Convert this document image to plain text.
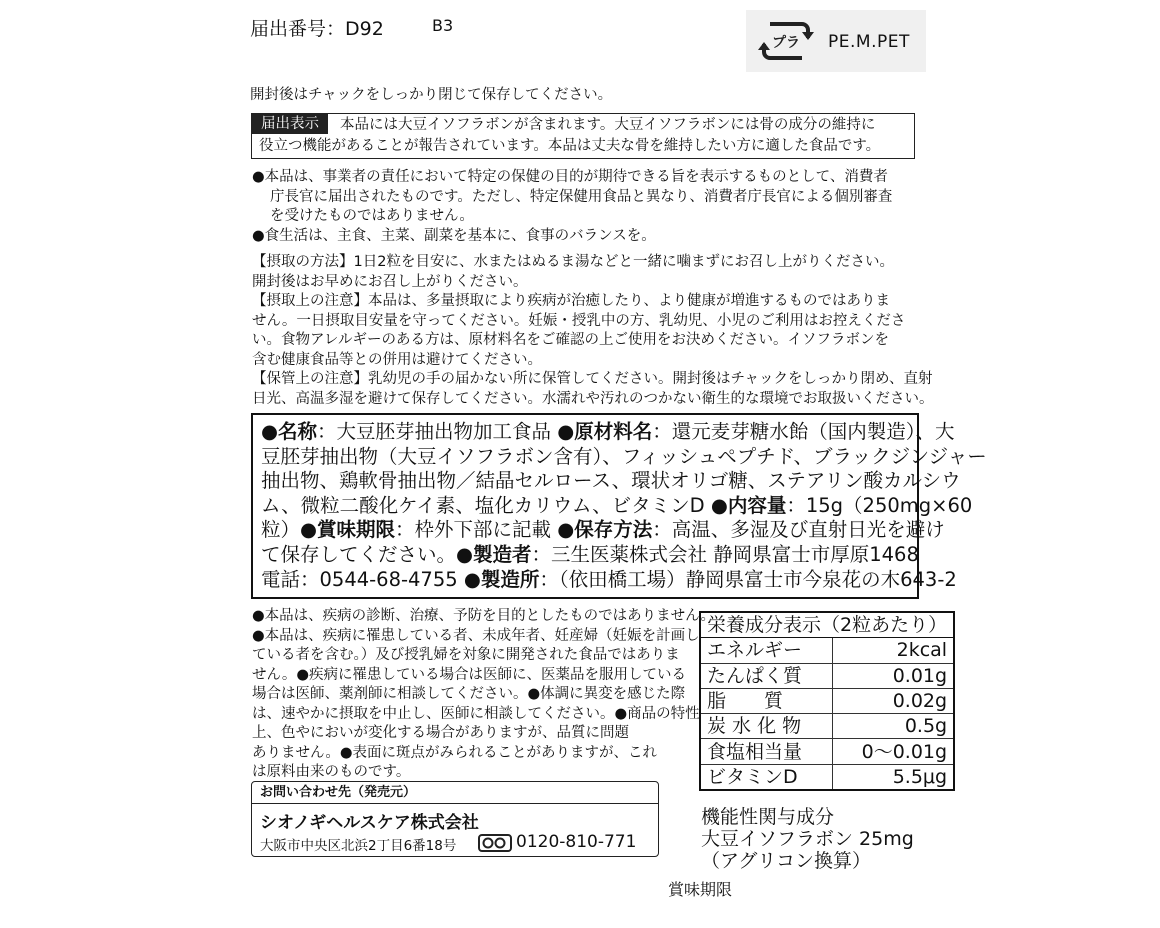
届出番号：D92	B3
プラ PE.M.PET
開封後はチャックをしっかり閉じて保存してください。
届出表示	本品には大豆イソフラボンが含まれます。大豆イソフラボンには骨の成分の維持に
役立つ機能があることが報告されています。本品は丈夫な骨を維持したい方に適した食品です。
●本品は、事業者の責任において特定の保健の目的が期待できる旨を表示するものとして、消費者
庁長官に届出されたものです。ただし、特定保健用食品と異なり、消費者庁長官による個別審査
を受けたものではありません。
●食生活は、主食、主菜、副菜を基本に、食事のバランスを。
【摂取の方法】1日2粒を目安に、水またはぬるま湯などと一緒に噛まずにお召し上がりください。
開封後はお早めにお召し上がりください。
【摂取上の注意】本品は、多量摂取により疾病が治癒したり、より健康が増進するものではありま
せん。一日摂取目安量を守ってください。妊娠・授乳中の方、乳幼児、小児のご利用はお控えくださ
い。食物アレルギーのある方は、原材料名をご確認の上ご使用をお決めください。イソフラボンを
含む健康食品等との併用は避けてください。
【保管上の注意】乳幼児の手の届かない所に保管してください。開封後はチャックをしっかり閉め、直射
日光、高温多湿を避けて保存してください。水濡れや汚れのつかない衛生的な環境でお取扱いください。
●名称：大豆胚芽抽出物加工食品 ●原材料名：還元麦芽糖水飴（国内製造）、大
豆胚芽抽出物（大豆イソフラボン含有）、フィッシュペプチド、ブラックジンジャー
抽出物、鶏軟骨抽出物／結晶セルロース、環状オリゴ糖、ステアリン酸カルシウ
ム、微粒二酸化ケイ素、塩化カリウム、ビタミンD ●内容量：15g（250mg×60
粒）●賞味期限：枠外下部に記載 ●保存方法：高温、多湿及び直射日光を避け
て保存してください。●製造者：三生医薬株式会社 静岡県富士市厚原1468
電話：0544-68-4755 ●製造所：（依田橋工場）静岡県富士市今泉花の木643-2
●本品は、疾病の診断、治療、予防を目的としたものではありません。
●本品は、疾病に罹患している者、未成年者、妊産婦（妊娠を計画し
ている者を含む。）及び授乳婦を対象に開発された食品ではありま
せん。●疾病に罹患している場合は医師に、医薬品を服用している
場合は医師、薬剤師に相談してください。●体調に異変を感じた際
は、速やかに摂取を中止し、医師に相談してください。●商品の特性
上、色やにおいが変化する場合がありますが、品質に問題
ありません。●表面に斑点がみられることがありますが、これ
は原料由来のものです。
お問い合わせ先（発売元）
シオノギヘルスケア株式会社
大阪市中央区北浜2丁目6番18号	0120-810-771
栄養成分表示（2粒あたり）	
エネルギー	2kcal
たんぱく質	0.01g
脂　　質	0.02g
炭 水 化 物	0.5g
食塩相当量	0～0.01g
ビタミンD	5.5μg
機能性関与成分
大豆イソフラボン 25mg
（アグリコン換算）
賞味期限
